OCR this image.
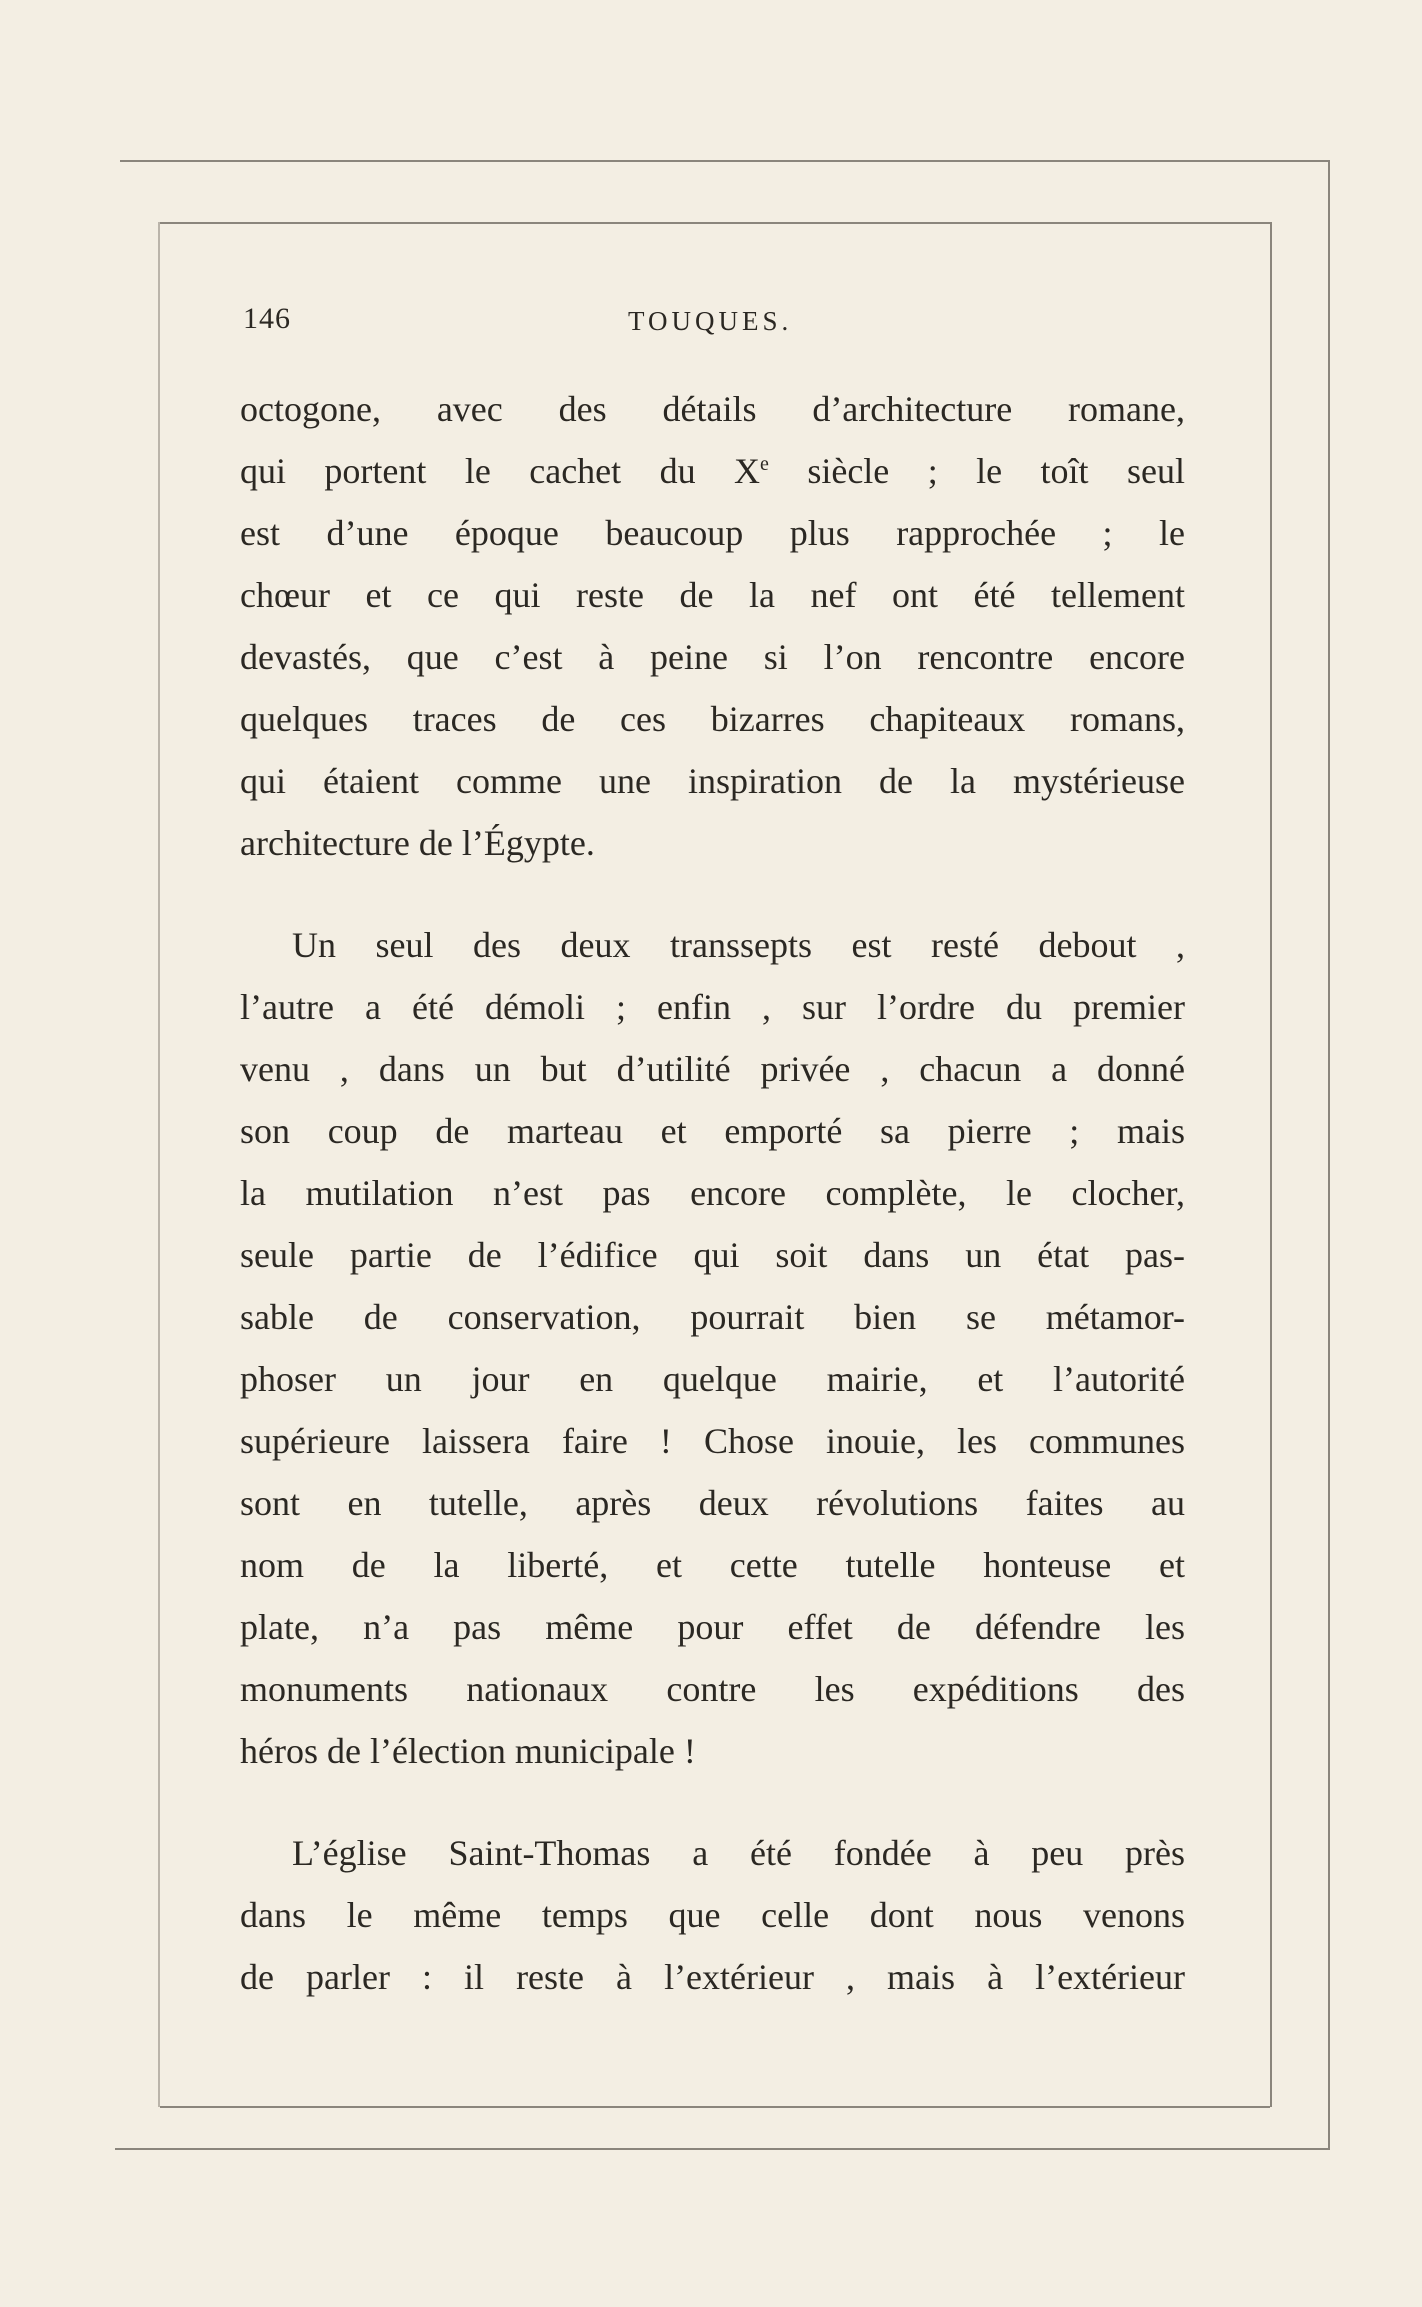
146	TOUQUES.
octogone, avec des détails d’architecture romane,
qui portent le cachet du Xe siècle ; le toît seul
est d’une époque beaucoup plus rapprochée ; le
chœur et ce qui reste de la nef ont été tellement
devastés, que c’est à peine si l’on rencontre encore
quelques traces de ces bizarres chapiteaux romans,
qui étaient comme une inspiration de la mystérieuse
architecture de l’Égypte.
Un seul des deux transsepts est resté debout ,
l’autre a été démoli ; enfin , sur l’ordre du premier
venu , dans un but d’utilité privée , chacun a donné
son coup de marteau et emporté sa pierre ; mais
la mutilation n’est pas encore complète, le clocher,
seule partie de l’édifice qui soit dans un état pas-
sable de conservation, pourrait bien se métamor-
phoser un jour en quelque mairie, et l’autorité
supérieure laissera faire ! Chose inouie, les communes
sont en tutelle, après deux révolutions faites au
nom de la liberté, et cette tutelle honteuse et
plate, n’a pas même pour effet de défendre les
monuments nationaux contre les expéditions des
héros de l’élection municipale !
L’église Saint-Thomas a été fondée à peu près
dans le même temps que celle dont nous venons
de parler : il reste à l’extérieur , mais à l’extérieur
